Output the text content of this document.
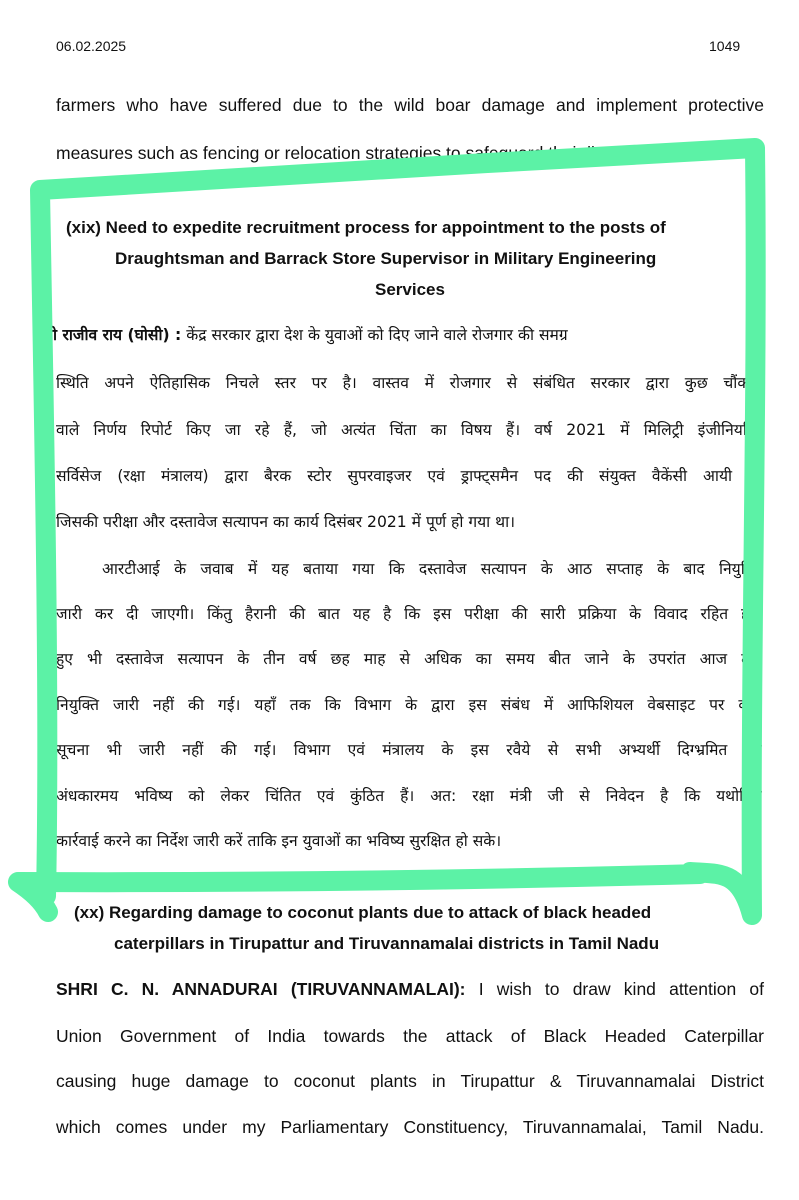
06.02.2025	1049
farmers who have suffered due to the wild boar damage and implement protective
measures such as fencing or relocation strategies to safeguard their livelihoods.
(xix) Need to expedite recruitment process for appointment to the posts of
Draughtsman and Barrack Store Supervisor in Military Engineering
Services
श्री राजीव राय (घोसी) : केंद्र सरकार द्वारा देश के युवाओं को दिए जाने वाले रोजगार की समग्र
स्थिति अपने ऐतिहासिक निचले स्तर पर है। वास्तव में रोजगार से संबंधित सरकार द्वारा कुछ चौंकाने
वाले निर्णय रिपोर्ट किए जा रहे हैं, जो अत्यंत चिंता का विषय हैं। वर्ष 2021 में मिलिट्री इंजीनियरिंग
सर्विसेज (रक्षा मंत्रालय) द्वारा बैरक स्टोर सुपरवाइजर एवं ड्राफ्ट्समैन पद की संयुक्त वैकेंसी आयी थी
जिसकी परीक्षा और दस्तावेज सत्यापन का कार्य दिसंबर 2021 में पूर्ण हो गया था।
आरटीआई के जवाब में यह बताया गया कि दस्तावेज सत्यापन के आठ सप्ताह के बाद नियुक्ति
जारी कर दी जाएगी। किंतु हैरानी की बात यह है कि इस परीक्षा की सारी प्रक्रिया के विवाद रहित होने
हुए भी दस्तावेज सत्यापन के तीन वर्ष छह माह से अधिक का समय बीत जाने के उपरांत आज तक
नियुक्ति जारी नहीं की गई। यहाँ तक कि विभाग के द्वारा इस संबंध में आफिशियल वेबसाइट पर कोई
सूचना भी जारी नहीं की गई। विभाग एवं मंत्रालय के इस रवैये से सभी अभ्यर्थी दिग्भ्रमित एवं
अंधकारमय भविष्य को लेकर चिंतित एवं कुंठित हैं। अत: रक्षा मंत्री जी से निवेदन है कि यथोचित
कार्रवाई करने का निर्देश जारी करें ताकि इन युवाओं का भविष्य सुरक्षित हो सके।
(xx) Regarding damage to coconut plants due to attack of black headed
caterpillars in Tirupattur and Tiruvannamalai districts in Tamil Nadu
SHRI C. N. ANNADURAI (TIRUVANNAMALAI): I wish to draw kind attention of
Union Government of India towards the attack of Black Headed Caterpillar
causing huge damage to coconut plants in Tirupattur & Tiruvannamalai District
which comes under my Parliamentary Constituency, Tiruvannamalai, Tamil Nadu.
